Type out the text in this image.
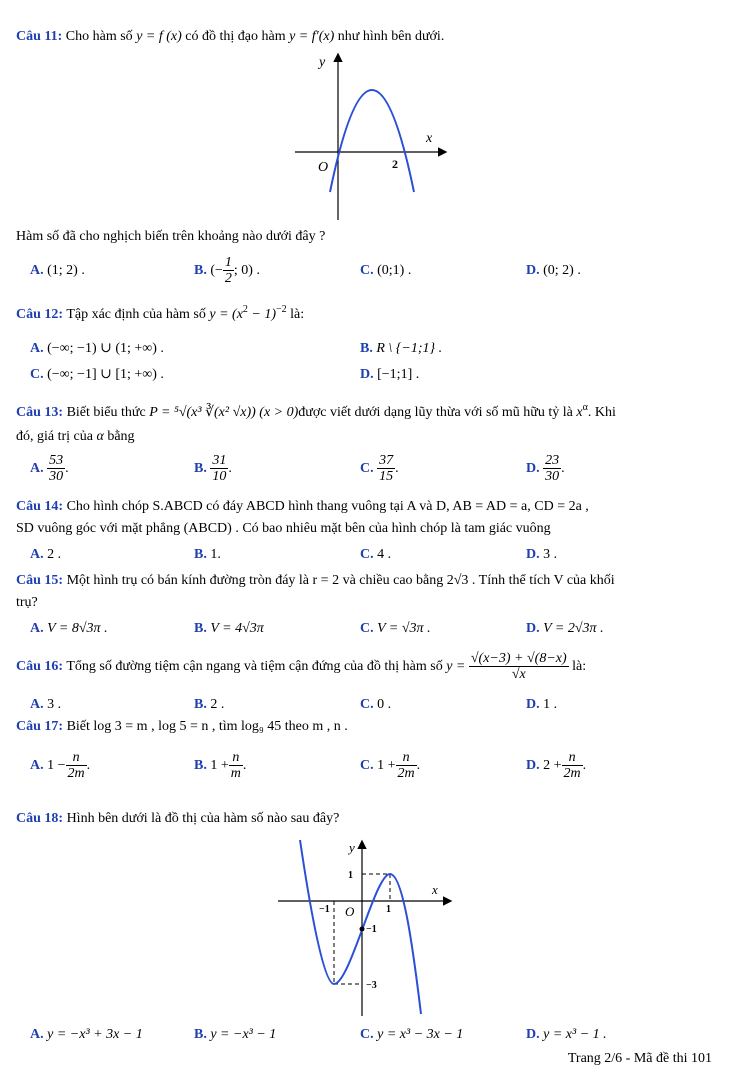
Câu 11: Cho hàm số y = f (x) có đồ thị đạo hàm y = f′(x) như hình bên dưới.
y
x
O	2
Hàm số đã cho nghịch biến trên khoảng nào dưới đây ?
A. (1; 2) .	B. (− $\frac{1}{2}$ ; 0) .	C. (0;1) .	D. (0; 2) .
Câu 12: Tập xác định của hàm số $y = (x^2 - 1)^{-2}$ là:
A. (−∞; −1) ∪ (1; +∞) .	B. R \ {−1;1} .
C. (−∞; −1] ∪ [1; +∞) .	D. [−1;1] .
Câu 13: Biết biểu thức P = ⁵√(x³ ∛(x² √x)) (x > 0)được viết dưới dạng lũy thừa với số mũ hữu tỷ là $x^\alpha$. Khi
đó, giá trị của α bằng
A. $\frac{53}{30}$ .	B. $\frac{31}{10}$ .	C. $\frac{37}{15}$ .	D. $\frac{23}{30}$ .
Câu 14: Cho hình chóp S.ABCD có đáy ABCD hình thang vuông tại A và D, AB = AD = a, CD = 2a ,
SD vuông góc với mặt phẳng (ABCD) . Có bao nhiêu mặt bên của hình chóp là tam giác vuông
A. 2 .	B. 1.	C. 4 .	D. 3 .
Câu 15: Một hình trụ có bán kính đường tròn đáy là r = 2 và chiều cao bằng 2√3 . Tính thể tích V của khối
trụ?
A. V = 8√3π .	B. V = 4√3π	C. V = √3π .	D. V = 2√3π .
Câu 16: Tổng số đường tiệm cận ngang và tiệm cận đứng của đồ thị hàm số $y = \frac{√(x-3) + √(8-x)}{√x}$ là:
A. 3 .	B. 2 .	C. 0 .	D. 1 .
Câu 17: Biết log 3 = m , log 5 = n , tìm log₉ 45 theo m , n .
A. $1 - \frac{n}{2m}$ .	B. $1 + \frac{n}{m}$ .	C. $1 + \frac{n}{2m}$ .	D. $2 + \frac{n}{2m}$ .
Câu 18: Hình bên dưới là đồ thị của hàm số nào sau đây?
y
x
O
1
−1	1
−1
−3
A. y = −x³ + 3x − 1	B. y = −x³ − 1	C. y = x³ − 3x − 1	D. y = x³ − 1 .
Trang 2/6 - Mã đề thi 101
